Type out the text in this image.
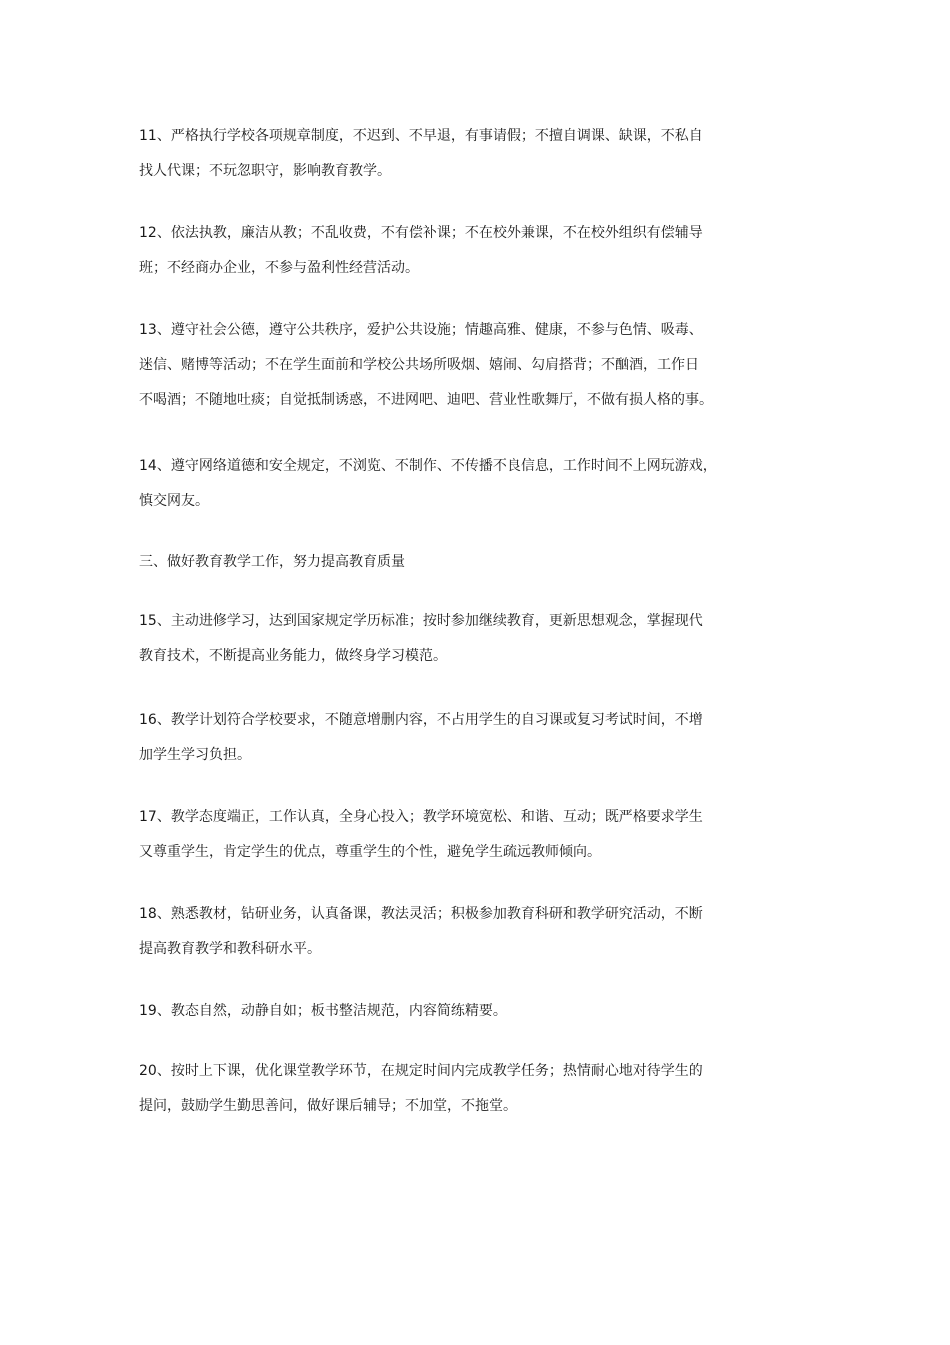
11、严格执行学校各项规章制度，不迟到、不早退，有事请假；不擅自调课、缺课，不私自
找人代课；不玩忽职守，影响教育教学。
12、依法执教，廉洁从教；不乱收费，不有偿补课；不在校外兼课，不在校外组织有偿辅导
班；不经商办企业，不参与盈利性经营活动。
13、遵守社会公德，遵守公共秩序，爱护公共设施；情趣高雅、健康，不参与色情、吸毒、
迷信、赌博等活动；不在学生面前和学校公共场所吸烟、嬉闹、勾肩搭背；不酗酒，工作日
不喝酒；不随地吐痰；自觉抵制诱惑，不进网吧、迪吧、营业性歌舞厅，不做有损人格的事。
14、遵守网络道德和安全规定，不浏览、不制作、不传播不良信息，工作时间不上网玩游戏，
慎交网友。
三、做好教育教学工作，努力提高教育质量
15、主动进修学习，达到国家规定学历标准；按时参加继续教育，更新思想观念，掌握现代
教育技术，不断提高业务能力，做终身学习模范。
16、教学计划符合学校要求，不随意增删内容，不占用学生的自习课或复习考试时间，不增
加学生学习负担。
17、教学态度端正，工作认真，全身心投入；教学环境宽松、和谐、互动；既严格要求学生
又尊重学生，肯定学生的优点，尊重学生的个性，避免学生疏远教师倾向。
18、熟悉教材，钻研业务，认真备课，教法灵活；积极参加教育科研和教学研究活动，不断
提高教育教学和教科研水平。
19、教态自然，动静自如；板书整洁规范，内容简练精要。
20、按时上下课，优化课堂教学环节，在规定时间内完成教学任务；热情耐心地对待学生的
提问，鼓励学生勤思善问，做好课后辅导；不加堂，不拖堂。
